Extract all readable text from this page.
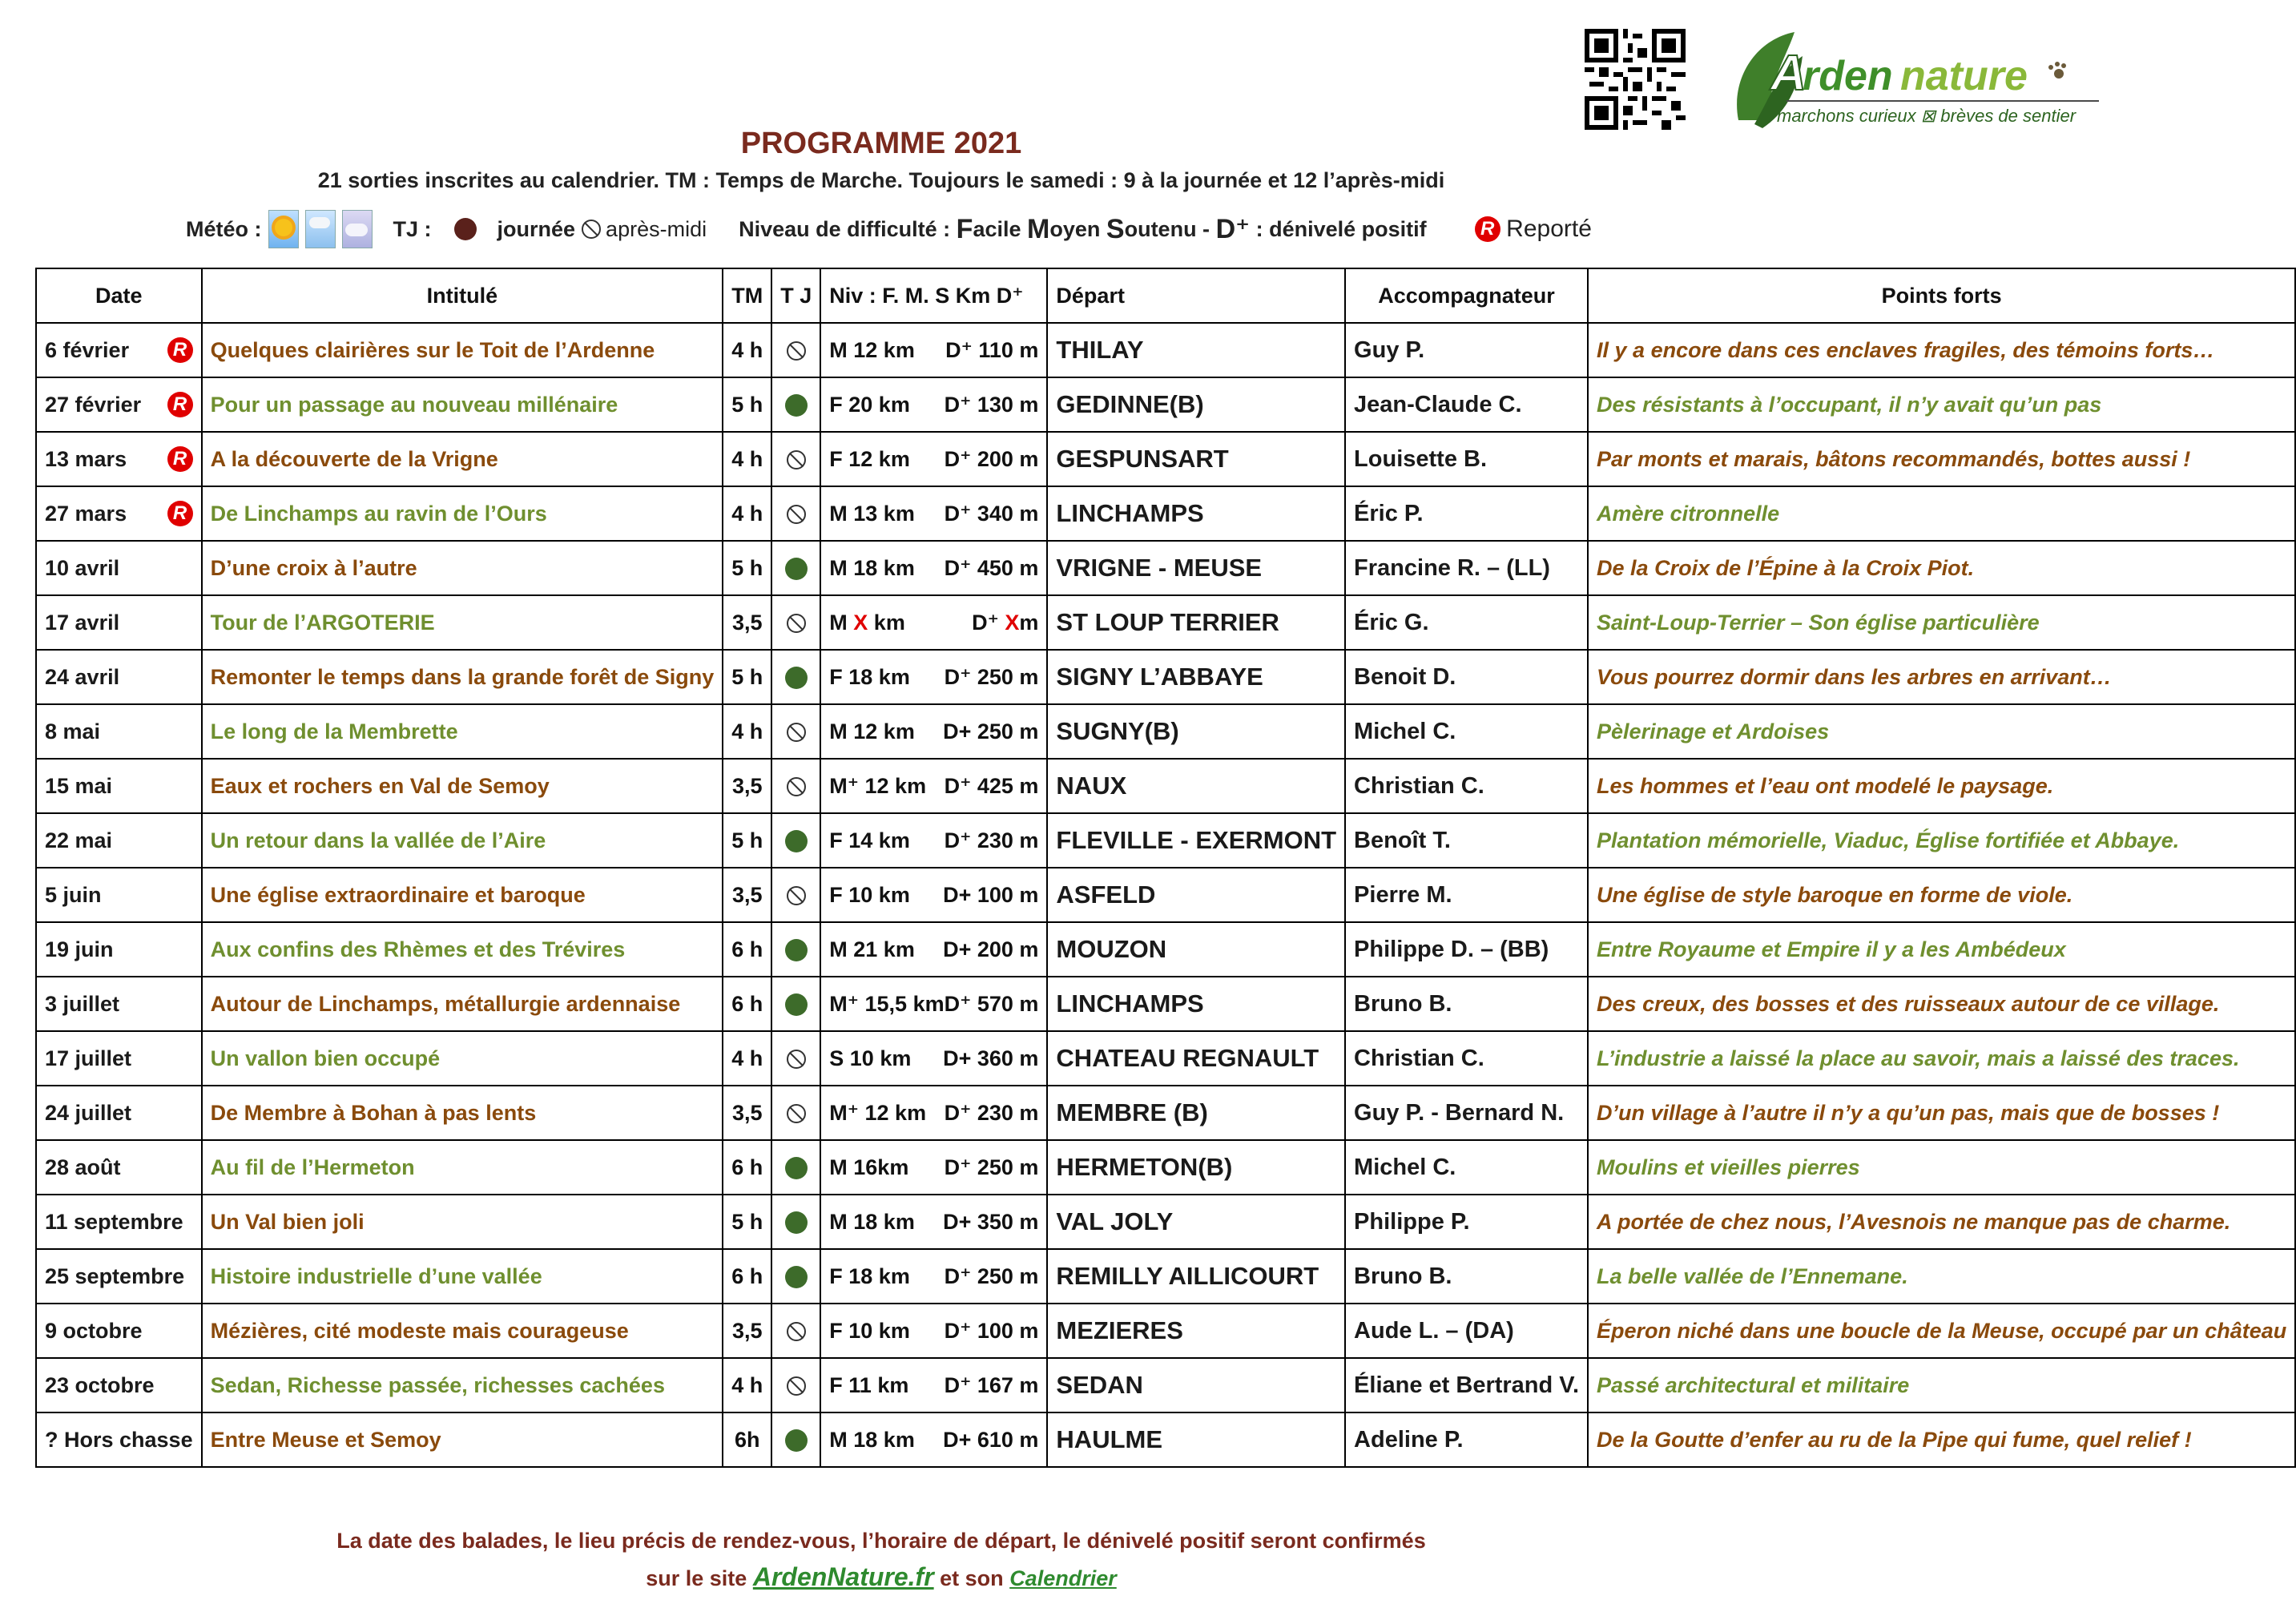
A
rden nature
marchons curieux ⊠ brèves de sentier
PROGRAMME 2021
21 sorties inscrites au calendrier. TM : Temps de Marche. Toujours le samedi : 9 à la journée et 12 l’après-midi
Météo :	TJ :	journée après-midi Niveau de difficulté :
F acile
M oyen
S outenu -
D⁺
: dénivelé positif	R
Reporté
Date	Intitulé	TM	T J	Niv : F. M. S Km D⁺	Départ	Accompagnateur	Points forts

6 février R	Quelques clairières sur le Toit de l’Ardenne	4 h		M 12 km D⁺ 110 m	THILAY	Guy P.	Il y a encore dans ces enclaves fragiles, des témoins forts…

27 février R	Pour un passage au nouveau millénaire	5 h		F 20 km D⁺ 130 m	GEDINNE(B)	Jean-Claude C.	Des résistants à l’occupant, il n’y avait qu’un pas

13 mars R	A la découverte de la Vrigne	4 h		F 12 km D⁺ 200 m	GESPUNSART	Louisette B.	Par monts et marais, bâtons recommandés, bottes aussi !

27 mars R	De Linchamps au ravin de l’Ours	4 h		M 13 km D⁺ 340 m	LINCHAMPS	Éric P.	Amère citronnelle

10 avril	D’une croix à l’autre	5 h		M 18 km D⁺ 450 m	VRIGNE - MEUSE	Francine R. – (LL)	De la Croix de l’Épine à la Croix Piot.

17 avril	Tour de l’ARGOTERIE	3,5		M X km D⁺ Xm	ST LOUP TERRIER	Éric G.	Saint-Loup-Terrier – Son église particulière

24 avril	Remonter le temps dans la grande forêt de Signy	5 h		F 18 km D⁺ 250 m	SIGNY L’ABBAYE	Benoit D.	Vous pourrez dormir dans les arbres en arrivant…

8 mai	Le long de la Membrette	4 h		M 12 km D+ 250 m	SUGNY(B)	Michel C.	Pèlerinage et Ardoises

15 mai	Eaux et rochers en Val de Semoy	3,5		M⁺ 12 km D⁺ 425 m	NAUX	Christian C.	Les hommes et l’eau ont modelé le paysage.

22 mai	Un retour dans la vallée de l’Aire	5 h		F 14 km D⁺ 230 m	FLEVILLE - EXERMONT	Benoît T.	Plantation mémorielle, Viaduc, Église fortifiée et Abbaye.

5 juin	Une église extraordinaire et baroque	3,5		F 10 km D+ 100 m	ASFELD	Pierre M.	Une église de style baroque en forme de viole.

19 juin	Aux confins des Rhèmes et des Trévires	6 h		M 21 km D+ 200 m	MOUZON	Philippe D. – (BB)	Entre Royaume et Empire il y a les Ambédeux

3 juillet	Autour de Linchamps, métallurgie ardennaise	6 h		M⁺ 15,5 km D⁺ 570 m	LINCHAMPS	Bruno B.	Des creux, des bosses et des ruisseaux autour de ce village.

17 juillet	Un vallon bien occupé	4 h		S 10 km D+ 360 m	CHATEAU REGNAULT	Christian C.	L’industrie a laissé la place au savoir, mais a laissé des traces.

24 juillet	De Membre à Bohan à pas lents	3,5		M⁺ 12 km D⁺ 230 m	MEMBRE (B)	Guy P. - Bernard N.	D’un village à l’autre il n’y a qu’un pas, mais que de bosses !

28 août	Au fil de l’Hermeton	6 h		M 16km D⁺ 250 m	HERMETON(B)	Michel C.	Moulins et vieilles pierres

11 septembre	Un Val bien joli	5 h		M 18 km D+ 350 m	VAL JOLY	Philippe P.	A portée de chez nous, l’Avesnois ne manque pas de charme.

25 septembre	Histoire industrielle d’une vallée	6 h		F 18 km D⁺ 250 m	REMILLY AILLICOURT	Bruno B.	La belle vallée de l’Ennemane.

9 octobre	Mézières, cité modeste mais courageuse	3,5		F 10 km D⁺ 100 m	MEZIERES	Aude L. – (DA)	Éperon niché dans une boucle de la Meuse, occupé par un château

23 octobre	Sedan, Richesse passée, richesses cachées	4 h		F 11 km D⁺ 167 m	SEDAN	Éliane et Bertrand V.	Passé architectural et militaire

? Hors chasse	Entre Meuse et Semoy	6h		M 18 km D+ 610 m	HAULME	Adeline P.	De la Goutte d’enfer au ru de la Pipe qui fume, quel relief !
La date des balades, le lieu précis de rendez-vous, l’horaire de départ, le dénivelé positif seront confirmés
sur le site ArdenNature.fr et son Calendrier
